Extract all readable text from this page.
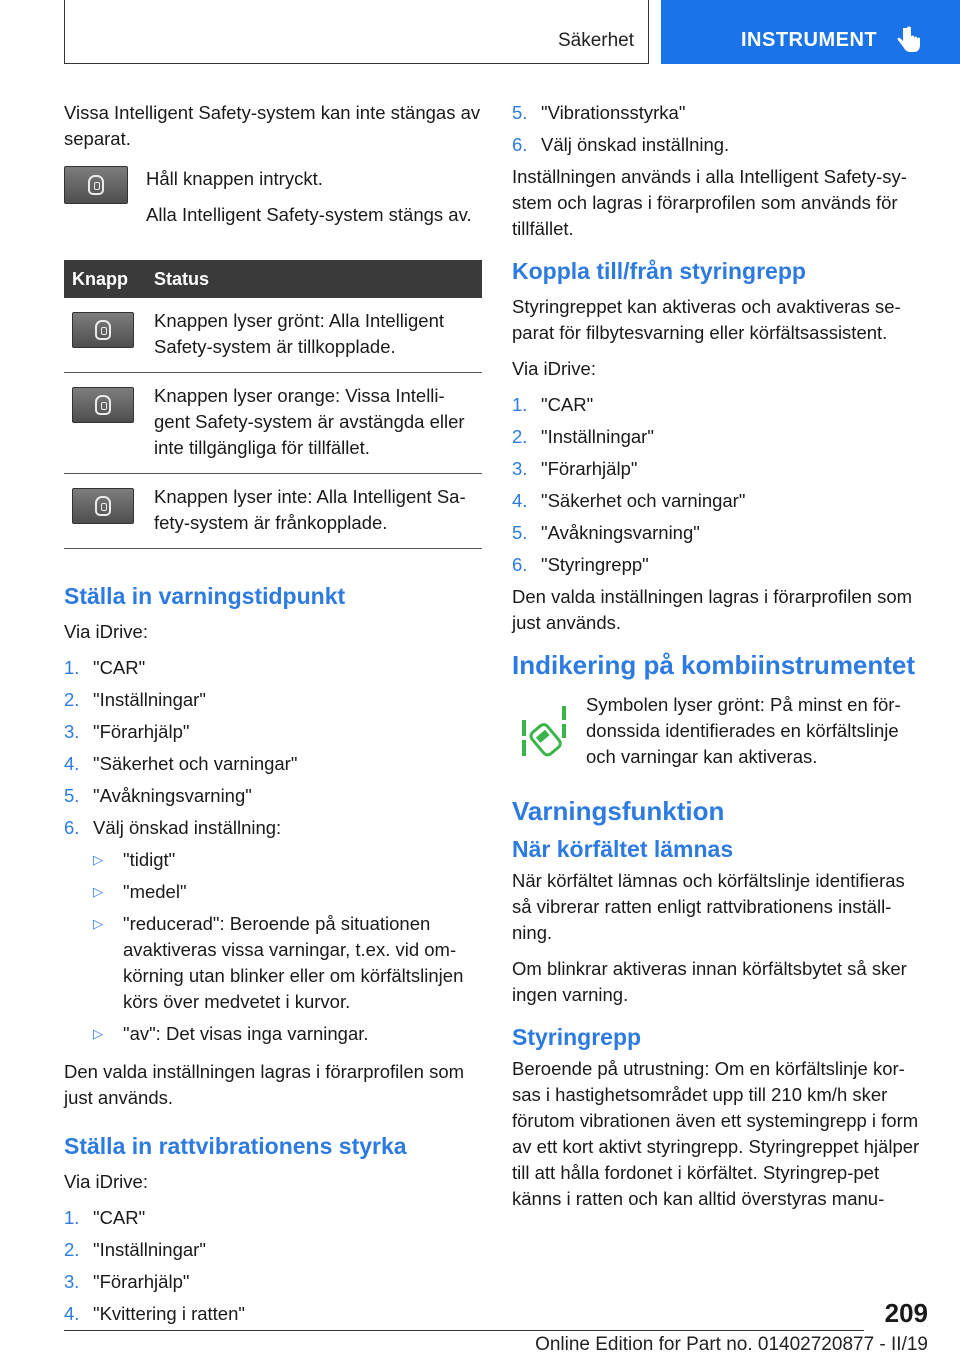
Säkerhet	INSTRUMENT

Vissa Intelligent Safety-system kan inte stängas av separat.

Håll knappen intryckt.
Alla Intelligent Safety-system stängs av.
Knapp	Status

	Knappen lyser grönt: Alla Intelligent Safety-system är tillkopplade.

	Knappen lyser orange: Vissa Intelli-gent Safety-system är avstängda eller inte tillgängliga för tillfället.

	Knappen lyser inte: Alla Intelligent Sa-fety-system är frånkopplade.
Ställa in varningstidpunkt

Via iDrive:

1. "CAR"
2. "Inställningar"
3. "Förarhjälp"
4. "Säkerhet och varningar"
5. "Avåkningsvarning"
6. Välj önskad inställning:
▷	"tidigt"
▷	"medel"
▷	"reducerad": Beroende på situationen avaktiveras vissa varningar, t.ex. vid om-körning utan blinker eller om körfältslinjen körs över medvetet i kurvor.
▷	"av": Det visas inga varningar.

Den valda inställningen lagras i förarprofilen som just används.

Ställa in rattvibrationens styrka

Via iDrive:

1. "CAR"
2. "Inställningar"
3. "Förarhjälp"
4. "Kvittering i ratten"
5. "Vibrationsstyrka"
6. Välj önskad inställning.

Inställningen används i alla Intelligent Safety-sy-stem och lagras i förarprofilen som används för tillfället.

Koppla till/från styringrepp

Styringreppet kan aktiveras och avaktiveras se-parat för filbytesvarning eller körfältsassistent.

Via iDrive:

1. "CAR"
2. "Inställningar"
3. "Förarhjälp"
4. "Säkerhet och varningar"
5. "Avåkningsvarning"
6. "Styringrepp"

Den valda inställningen lagras i förarprofilen som just används.

Indikering på kombiinstrumentet

Symbolen lyser grönt: På minst en för-donssida identifierades en körfältslinje och varningar kan aktiveras.

Varningsfunktion
När körfältet lämnas

När körfältet lämnas och körfältslinje identifieras så vibrerar ratten enligt rattvibrationens inställ-ning.

Om blinkrar aktiveras innan körfältsbytet så sker ingen varning.

Styringrepp

Beroende på utrustning: Om en körfältslinje kor-sas i hastighetsområdet upp till 210 km/h sker förutom vibrationen även ett systemingrepp i form av ett kort aktivt styringrepp. Styringreppet hjälper till att hålla fordonet i körfältet. Styringrep-pet känns i ratten och kan alltid överstyras manu-

209
Online Edition for Part no. 01402720877 - II/19
